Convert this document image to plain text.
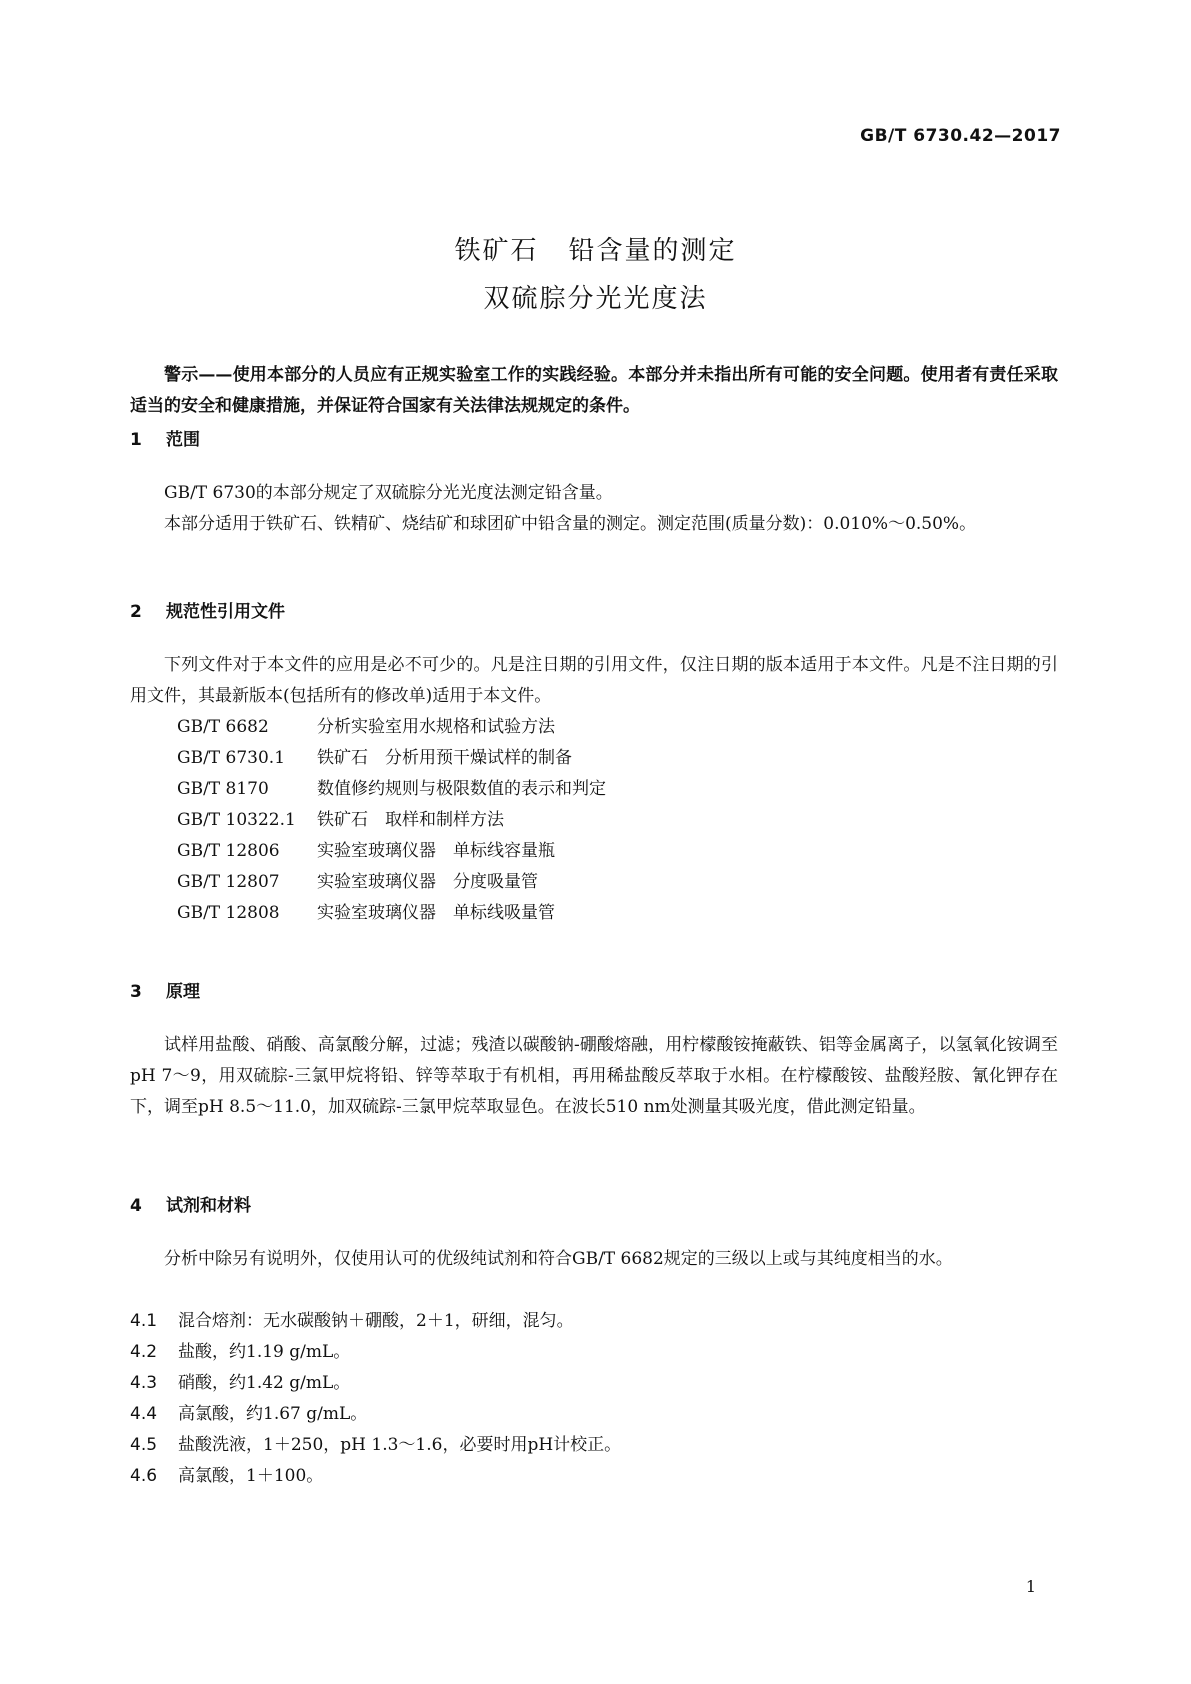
GB/T 6730.42—2017
铁矿石 铅含量的测定
双硫腙分光光度法
警示——使用本部分的人员应有正规实验室工作的实践经验。本部分并未指出所有可能的安全问题。使用者有责任采取适当的安全和健康措施，并保证符合国家有关法律法规规定的条件。
1 范围

GB/T 6730的本部分规定了双硫腙分光光度法测定铅含量。

本部分适用于铁矿石、铁精矿、烧结矿和球团矿中铅含量的测定。测定范围(质量分数)：0.010%～0.50%。

2 规范性引用文件

下列文件对于本文件的应用是必不可少的。凡是注日期的引用文件，仅注日期的版本适用于本文件。凡是不注日期的引用文件，其最新版本(包括所有的修改单)适用于本文件。

GB/T 6682	分析实验室用水规格和试验方法
GB/T 6730.1 铁矿石　分析用预干燥试样的制备
GB/T 8170	数值修约规则与极限数值的表示和判定
GB/T 10322.1 铁矿石　取样和制样方法
GB/T 12806 实验室玻璃仪器　单标线容量瓶
GB/T 12807 实验室玻璃仪器　分度吸量管
GB/T 12808 实验室玻璃仪器　单标线吸量管
3 原理

试样用盐酸、硝酸、高氯酸分解，过滤；残渣以碳酸钠-硼酸熔融，用柠檬酸铵掩蔽铁、铝等金属离子，以氢氧化铵调至pH 7～9，用双硫腙-三氯甲烷将铅、锌等萃取于有机相，再用稀盐酸反萃取于水相。在柠檬酸铵、盐酸羟胺、氰化钾存在下，调至pH 8.5～11.0，加双硫踪-三氯甲烷萃取显色。在波长510 nm处测量其吸光度，借此测定铅量。

4 试剂和材料

分析中除另有说明外，仅使用认可的优级纯试剂和符合GB/T 6682规定的三级以上或与其纯度相当的水。

4.1 混合熔剂：无水碳酸钠＋硼酸，2＋1，研细，混匀。
4.2 盐酸，约1.19 g/mL。
4.3 硝酸，约1.42 g/mL。
4.4 高氯酸，约1.67 g/mL。
4.5 盐酸洗液，1＋250，pH 1.3～1.6，必要时用pH计校正。
4.6 高氯酸，1＋100。
1
